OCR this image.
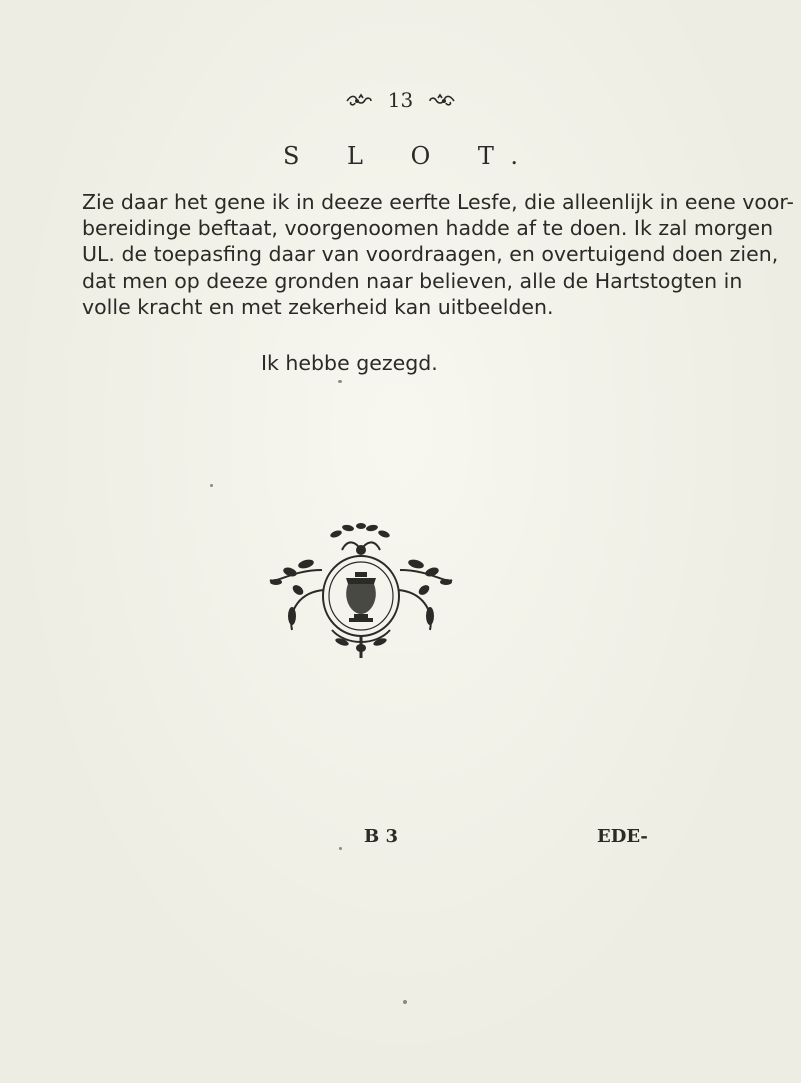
13
S L O T.
Zie daar het gene ik in deeze eerfte Lesfe, die alleenlijk in eene voor-
bereidinge beftaat, voorgenoomen hadde af te doen. Ik zal morgen
UL. de toepasfing daar van voordraagen, en overtuigend doen zien,
dat men op deeze gronden naar believen, alle de Hartstogten in
volle kracht en met zekerheid kan uitbeelden.
Ik hebbe gezegd.
B 3	EDE-
